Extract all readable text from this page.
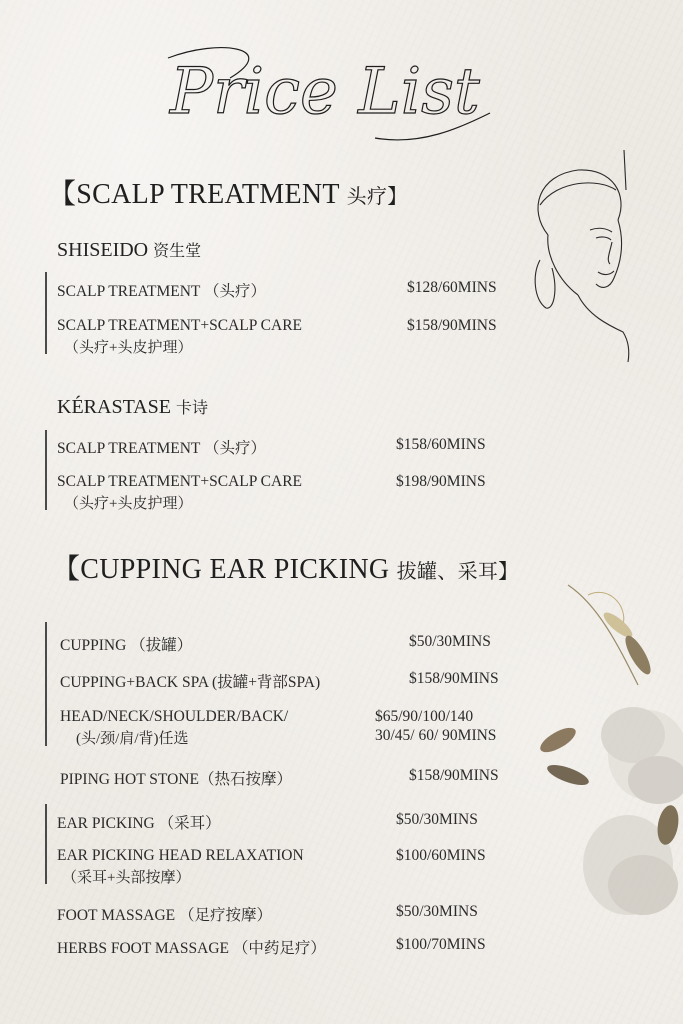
Price List
【SCALP TREATMENT 头疗】
SHISEIDO 资生堂
SCALP TREATMENT （头疗）	$128/60MINS
SCALP TREATMENT+SCALP CARE
（头疗+头皮护理）
$158/90MINS
KÉRASTASE 卡诗
SCALP TREATMENT （头疗）	$158/60MINS
SCALP TREATMENT+SCALP CARE
（头疗+头皮护理）
$198/90MINS
【CUPPING EAR PICKING 拔罐、采耳】
CUPPING （拔罐）	$50/30MINS
CUPPING+BACK SPA (拔罐+背部SPA)	$158/90MINS
HEAD/NECK/SHOULDER/BACK/
(头/颈/肩/背)任选
$65/90/100/140
30/45/ 60/ 90MINS
PIPING HOT STONE（热石按摩）	$158/90MINS
EAR PICKING （采耳）	$50/30MINS
EAR PICKING HEAD RELAXATION
（采耳+头部按摩）
$100/60MINS
FOOT MASSAGE （足疗按摩）	$50/30MINS
HERBS FOOT MASSAGE （中药足疗）	$100/70MINS
